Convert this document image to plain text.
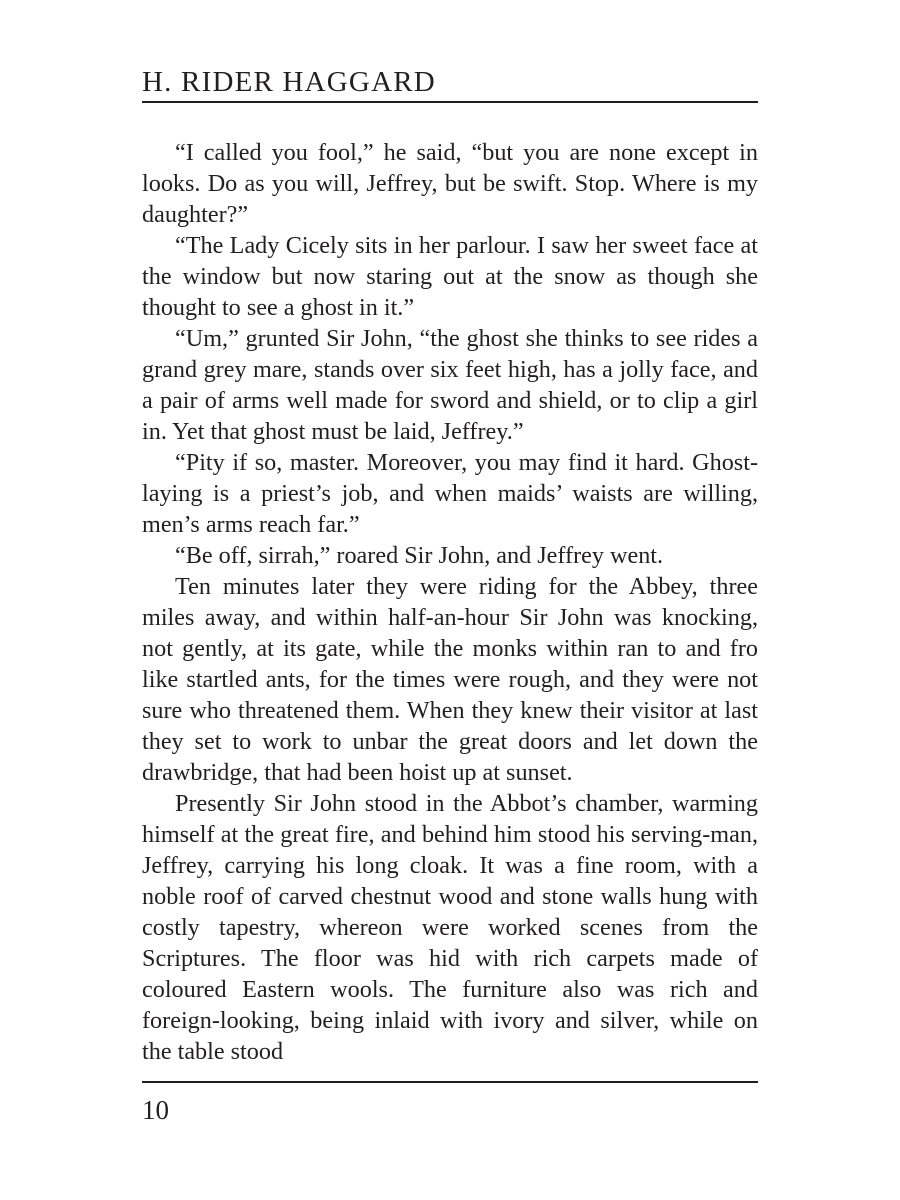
H. RIDER HAGGARD

“I called you fool,” he said, “but you are none except in looks. Do as you will, Jeffrey, but be swift. Stop. Where is my daughter?”

“The Lady Cicely sits in her parlour. I saw her sweet face at the window but now staring out at the snow as though she thought to see a ghost in it.”

“Um,” grunted Sir John, “the ghost she thinks to see rides a grand grey mare, stands over six feet high, has a jolly face, and a pair of arms well made for sword and shield, or to clip a girl in. Yet that ghost must be laid, Jeffrey.”

“Pity if so, master. Moreover, you may find it hard. Ghost-laying is a priest’s job, and when maids’ waists are willing, men’s arms reach far.”

“Be off, sirrah,” roared Sir John, and Jeffrey went.

Ten minutes later they were riding for the Abbey, three miles away, and within half-an-hour Sir John was knocking, not gently, at its gate, while the monks within ran to and fro like startled ants, for the times were rough, and they were not sure who threatened them. When they knew their visitor at last they set to work to unbar the great doors and let down the drawbridge, that had been hoist up at sunset.

Presently Sir John stood in the Abbot’s chamber, warming himself at the great fire, and behind him stood his serving-man, Jeffrey, carrying his long cloak. It was a fine room, with a noble roof of carved chestnut wood and stone walls hung with costly tapestry, whereon were worked scenes from the Scriptures. The floor was hid with rich carpets made of coloured Eastern wools. The furniture also was rich and foreign-looking, being inlaid with ivory and silver, while on the table stood

10
